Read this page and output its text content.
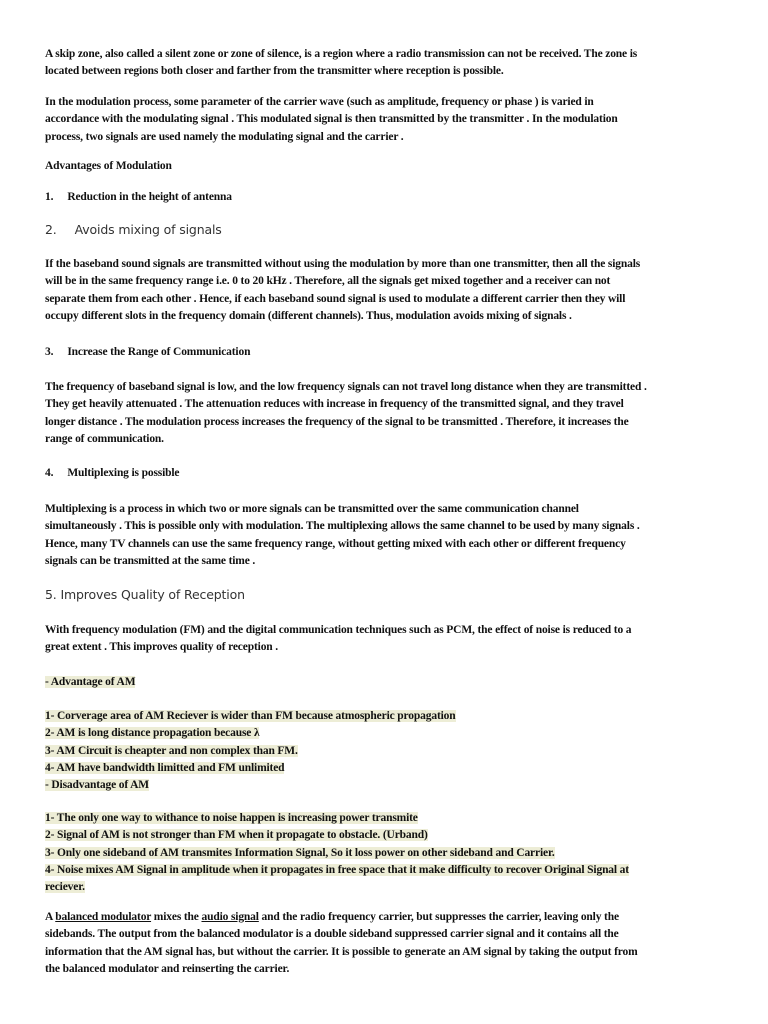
A skip zone, also called a silent zone or zone of silence, is a region where a radio transmission can not be received. The zone is
located between regions both closer and farther from the transmitter where reception is possible.
In the modulation process, some parameter of the carrier wave (such as amplitude, frequency or phase ) is varied in
accordance with the modulating signal . This modulated signal is then transmitted by the transmitter . In the modulation
process, two signals are used namely the modulating signal and the carrier .
Advantages of Modulation
1. Reduction in the height of antenna
2. Avoids mixing of signals
If the baseband sound signals are transmitted without using the modulation by more than one transmitter, then all the signals
will be in the same frequency range i.e. 0 to 20 kHz . Therefore, all the signals get mixed together and a receiver can not
separate them from each other . Hence, if each baseband sound signal is used to modulate a different carrier then they will
occupy different slots in the frequency domain (different channels). Thus, modulation avoids mixing of signals .
3. Increase the Range of Communication
The frequency of baseband signal is low, and the low frequency signals can not travel long distance when they are transmitted .
They get heavily attenuated . The attenuation reduces with increase in frequency of the transmitted signal, and they travel
longer distance . The modulation process increases the frequency of the signal to be transmitted . Therefore, it increases the
range of communication.
4. Multiplexing is possible
Multiplexing is a process in which two or more signals can be transmitted over the same communication channel
simultaneously . This is possible only with modulation. The multiplexing allows the same channel to be used by many signals .
Hence, many TV channels can use the same frequency range, without getting mixed with each other or different frequency
signals can be transmitted at the same time .
5. Improves Quality of Reception
With frequency modulation (FM) and the digital communication techniques such as PCM, the effect of noise is reduced to a
great extent . This improves quality of reception .
- Advantage of AM
1- Corverage area of AM Reciever is wider than FM because atmospheric propagation
2- AM is long distance propagation because λ
3- AM Circuit is cheapter and non complex than FM.
4- AM have bandwidth limitted and FM unlimited
- Disadvantage of AM
1- The only one way to withance to noise happen is increasing power transmite
2- Signal of AM is not stronger than FM when it propagate to obstacle. (Urband)
3- Only one sideband of AM transmites Information Signal, So it loss power on other sideband and Carrier.
4- Noise mixes AM Signal in amplitude when it propagates in free space that it make difficulty to recover Original Signal at
reciever.
A balanced modulator mixes the audio signal and the radio frequency carrier, but suppresses the carrier, leaving only the
sidebands. The output from the balanced modulator is a double sideband suppressed carrier signal and it contains all the
information that the AM signal has, but without the carrier. It is possible to generate an AM signal by taking the output from
the balanced modulator and reinserting the carrier.
